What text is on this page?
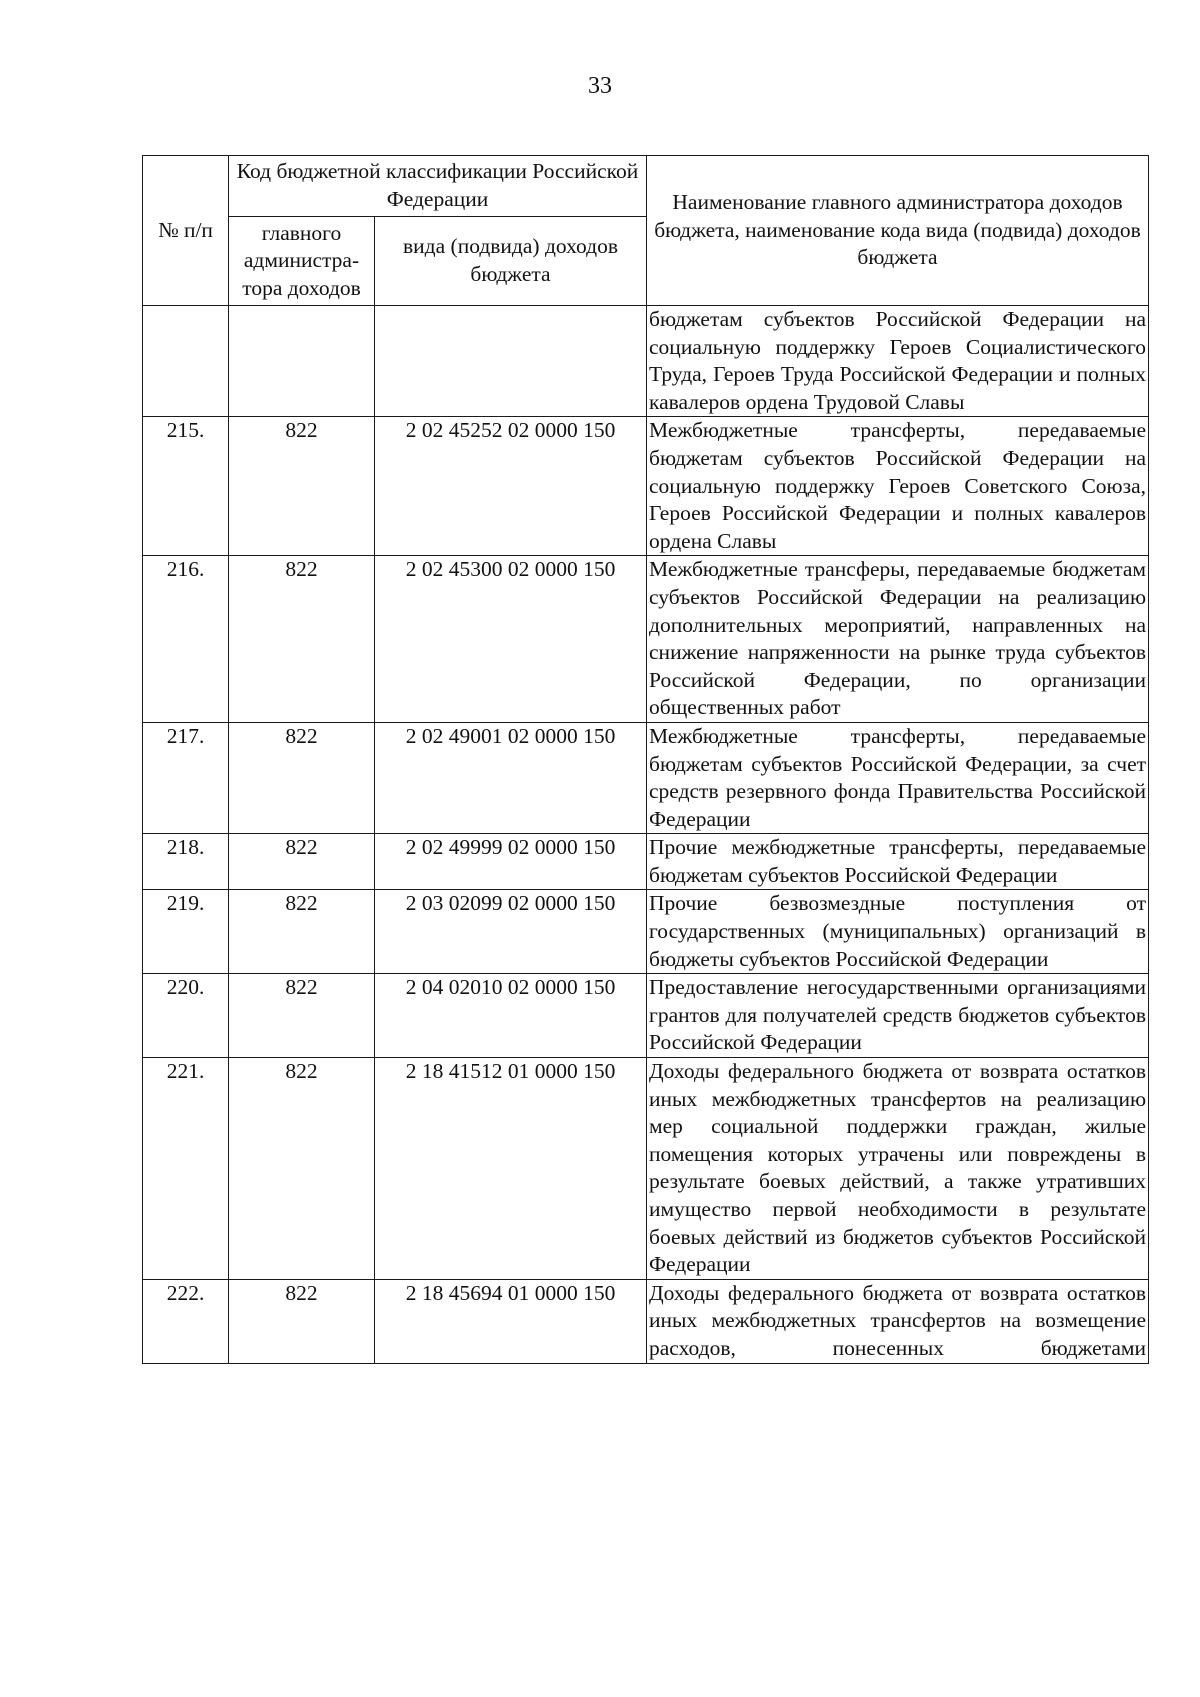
33
№ п/п	Код бюджетной классификации Российской Федерации		Наименование главного администратора доходов бюджета, наименование кода вида (подвида) доходов бюджета
	главного администра-тора доходов	вида (подвида) доходов бюджета	
			бюджетам субъектов Российской Федерации на социальную поддержку Героев Социалистического Труда, Героев Труда Российской Федерации и полных кавалеров ордена Трудовой Славы
215.	822	2 02 45252 02 0000 150	Межбюджетные трансферты, передаваемые бюджетам субъектов Российской Федерации на социальную поддержку Героев Советского Союза, Героев Российской Федерации и полных кавалеров ордена Славы
216.	822	2 02 45300 02 0000 150	Межбюджетные трансферы, передаваемые бюджетам субъектов Российской Федерации на реализацию дополнительных мероприятий, направленных на снижение напряженности на рынке труда субъектов Российской Федерации, по организации общественных работ
217.	822	2 02 49001 02 0000 150	Межбюджетные трансферты, передаваемые бюджетам субъектов Российской Федерации, за счет средств резервного фонда Правительства Российской Федерации
218.	822	2 02 49999 02 0000 150	Прочие межбюджетные трансферты, передаваемые бюджетам субъектов Российской Федерации
219.	822	2 03 02099 02 0000 150	Прочие безвозмездные поступления от государственных (муниципальных) организаций в бюджеты субъектов Российской Федерации
220.	822	2 04 02010 02 0000 150	Предоставление негосударственными организациями грантов для получателей средств бюджетов субъектов Российской Федерации
221.	822	2 18 41512 01 0000 150	Доходы федерального бюджета от возврата остатков иных межбюджетных трансфертов на реализацию мер социальной поддержки граждан, жилые помещения которых утрачены или повреждены в результате боевых действий, а также утративших имущество первой необходимости в результате боевых действий из бюджетов субъектов Российской Федерации
222.	822	2 18 45694 01 0000 150	Доходы федерального бюджета от возврата остатков иных межбюджетных трансфертов на возмещение расходов, понесенных бюджетами
